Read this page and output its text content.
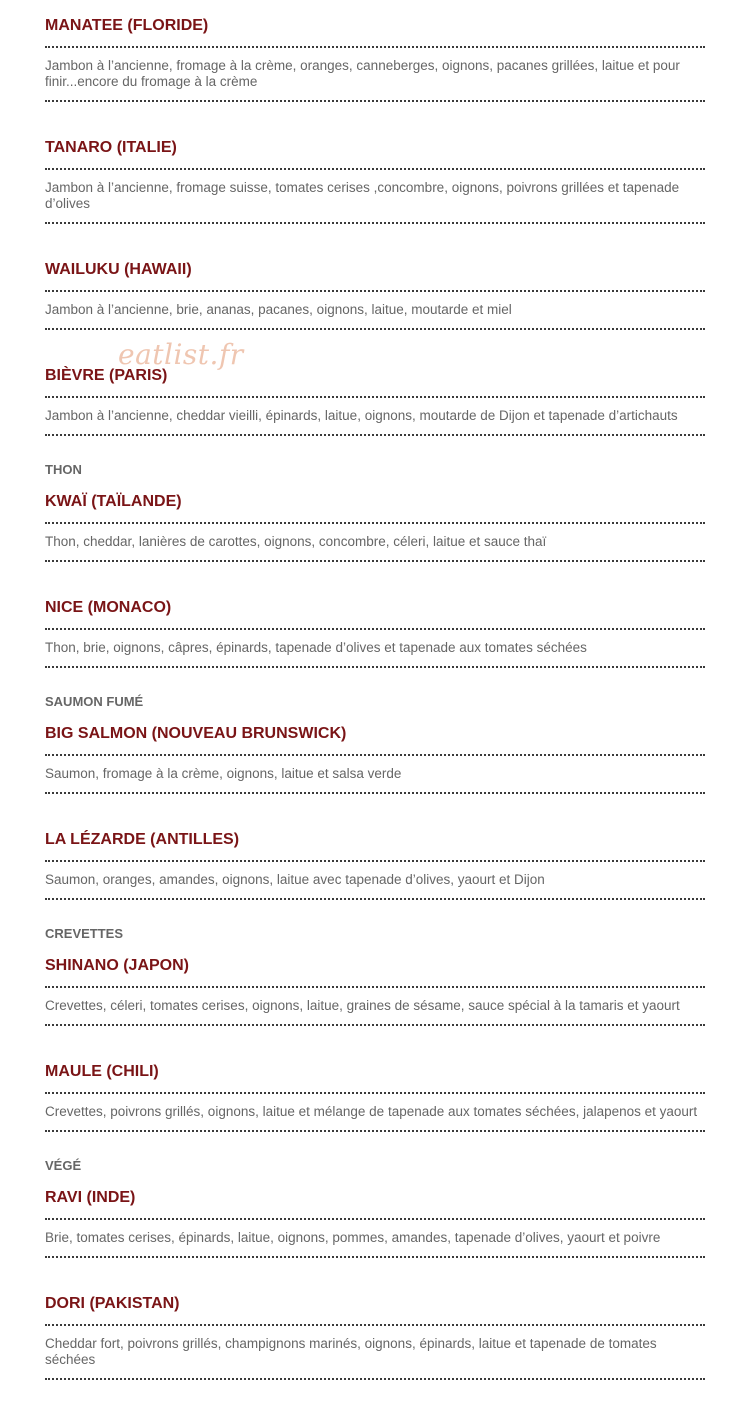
MANATEE (FLORIDE)
Jambon à l’ancienne, fromage à la crème, oranges, canneberges, oignons, pacanes grillées, laitue et pour finir...encore du fromage à la crème
TANARO (ITALIE)
Jambon à l’ancienne, fromage suisse, tomates cerises ,concombre, oignons, poivrons grillées et tapenade d’olives
WAILUKU (HAWAII)
Jambon à l’ancienne, brie, ananas, pacanes, oignons, laitue, moutarde et miel
BIÈVRE (PARIS)
Jambon à l’ancienne, cheddar vieilli, épinards, laitue, oignons, moutarde de Dijon et tapenade d’artichauts
THON
KWAÏ (TAÏLANDE)
Thon, cheddar, lanières de carottes, oignons, concombre, céleri, laitue et sauce thaï
NICE (MONACO)
Thon, brie, oignons, câpres, épinards, tapenade d’olives et tapenade aux tomates séchées
SAUMON FUMÉ
BIG SALMON (NOUVEAU BRUNSWICK)
Saumon, fromage à la crème, oignons, laitue et salsa verde
LA LÉZARDE (ANTILLES)
Saumon, oranges, amandes, oignons, laitue avec tapenade d’olives, yaourt et Dijon
CREVETTES
SHINANO (JAPON)
Crevettes, céleri, tomates cerises, oignons, laitue, graines de sésame, sauce spécial à la tamaris et yaourt
MAULE (CHILI)
Crevettes, poivrons grillés, oignons, laitue et mélange de tapenade aux tomates séchées, jalapenos et yaourt
VÉGÉ
RAVI (INDE)
Brie, tomates cerises, épinards, laitue, oignons, pommes, amandes, tapenade d’olives, yaourt et poivre
DORI (PAKISTAN)
Cheddar fort, poivrons grillés, champignons marinés, oignons, épinards, laitue et tapenade de tomates séchées
eatlist.fr
